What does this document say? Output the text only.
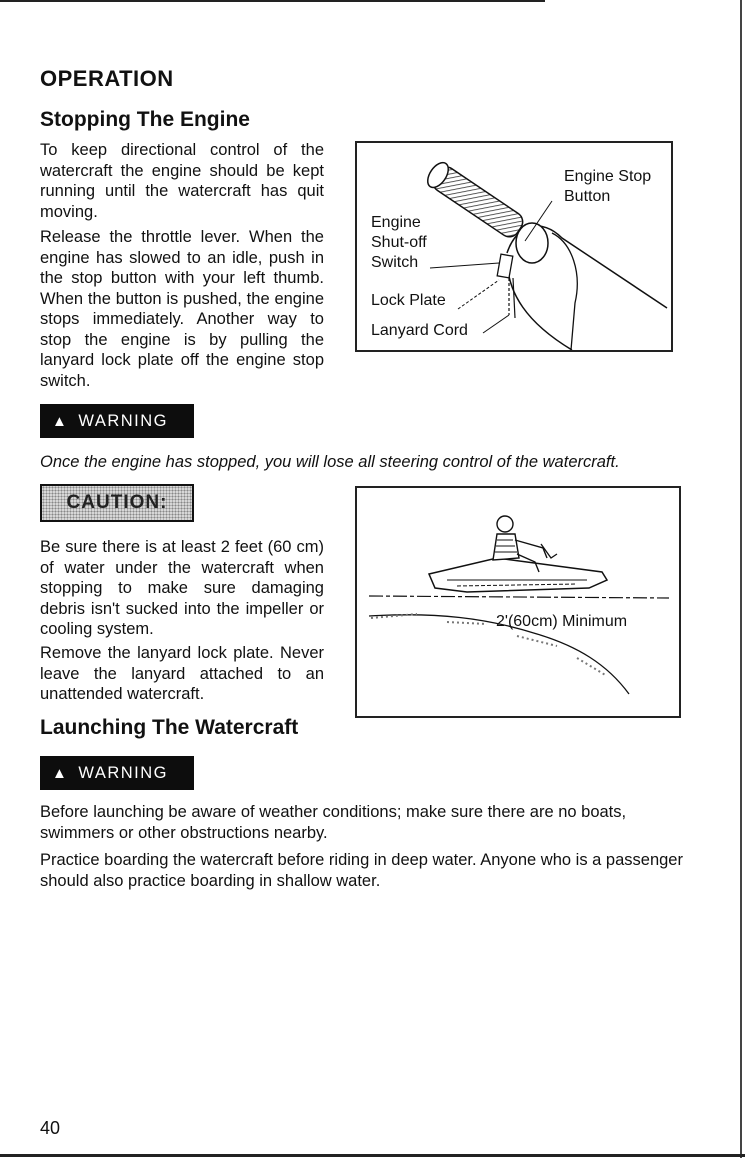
OPERATION
Stopping The Engine
To keep directional control of the watercraft the engine should be kept running until the watercraft has quit moving.
Release the throttle lever. When the engine has slowed to an idle, push in the stop button with your left thumb. When the button is pushed, the engine stops immediately. Another way to stop the engine is by pulling the lanyard lock plate off the engine stop switch.
Engine Stop
Button
Engine
Shut-off
Switch
Lock Plate
Lanyard Cord
▲ WARNING
Once the engine has stopped, you will lose all steering control of the watercraft.
CAUTION:
Be sure there is at least 2 feet (60 cm) of water under the watercraft when stopping to make sure damaging debris isn't sucked into the impeller or cooling system.
Remove the lanyard lock plate. Never leave the lanyard attached to an unattended watercraft.
2'(60cm) Minimum
Launching The Watercraft
▲ WARNING
Before launching be aware of weather conditions; make sure there are no boats, swimmers or other obstructions nearby.
Practice boarding the watercraft before riding in deep water. Anyone who is a passenger should also practice boarding in shallow water.
40
